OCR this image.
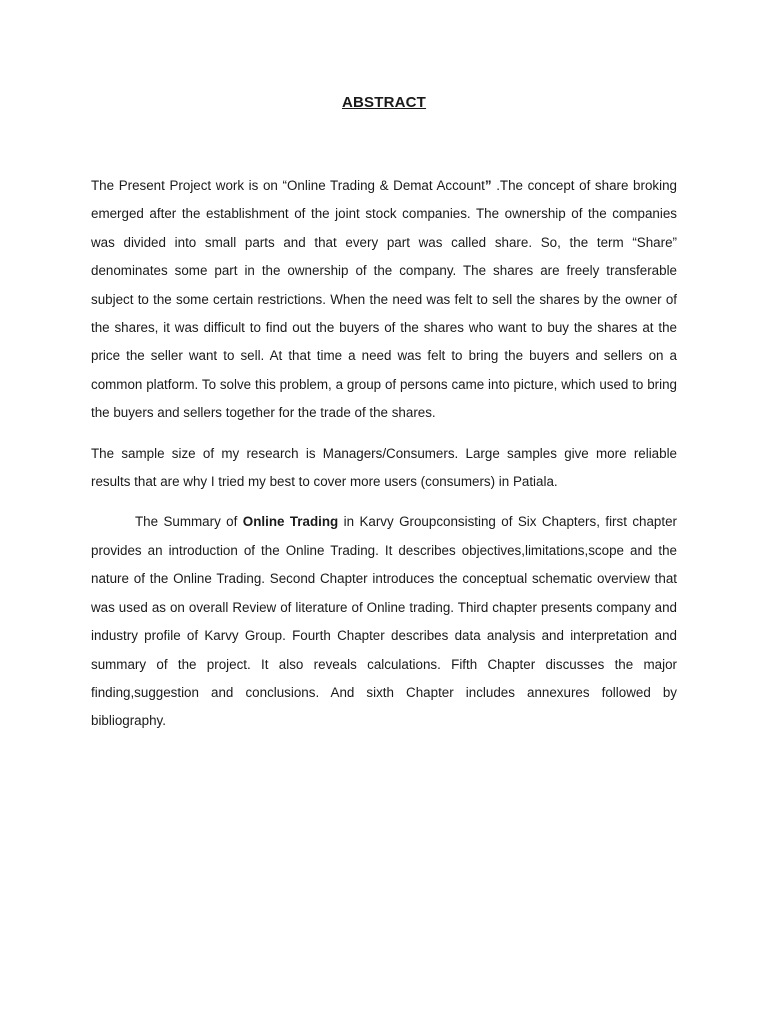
ABSTRACT

The Present Project work is on “Online Trading & Demat Account” .The concept of share broking emerged after the establishment of the joint stock companies. The ownership of the companies was divided into small parts and that every part was called share. So, the term “Share” denominates some part in the ownership of the company. The shares are freely transferable subject to the some certain restrictions. When the need was felt to sell the shares by the owner of the shares, it was difficult to find out the buyers of the shares who want to buy the shares at the price the seller want to sell. At that time a need was felt to bring the buyers and sellers on a common platform. To solve this problem, a group of persons came into picture, which used to bring the buyers and sellers together for the trade of the shares.

The sample size of my research is Managers/Consumers. Large samples give more reliable results that are why I tried my best to cover more users (consumers) in Patiala.

The Summary of Online Trading in Karvy Groupconsisting of Six Chapters, first chapter provides an introduction of the Online Trading. It describes objectives,limitations,scope and the nature of the Online Trading. Second Chapter introduces the conceptual schematic overview that was used as on overall Review of literature of Online trading. Third chapter presents company and industry profile of Karvy Group. Fourth Chapter describes data analysis and interpretation and summary of the project. It also reveals calculations. Fifth Chapter discusses the major finding,suggestion and conclusions. And sixth Chapter includes annexures followed by bibliography.
